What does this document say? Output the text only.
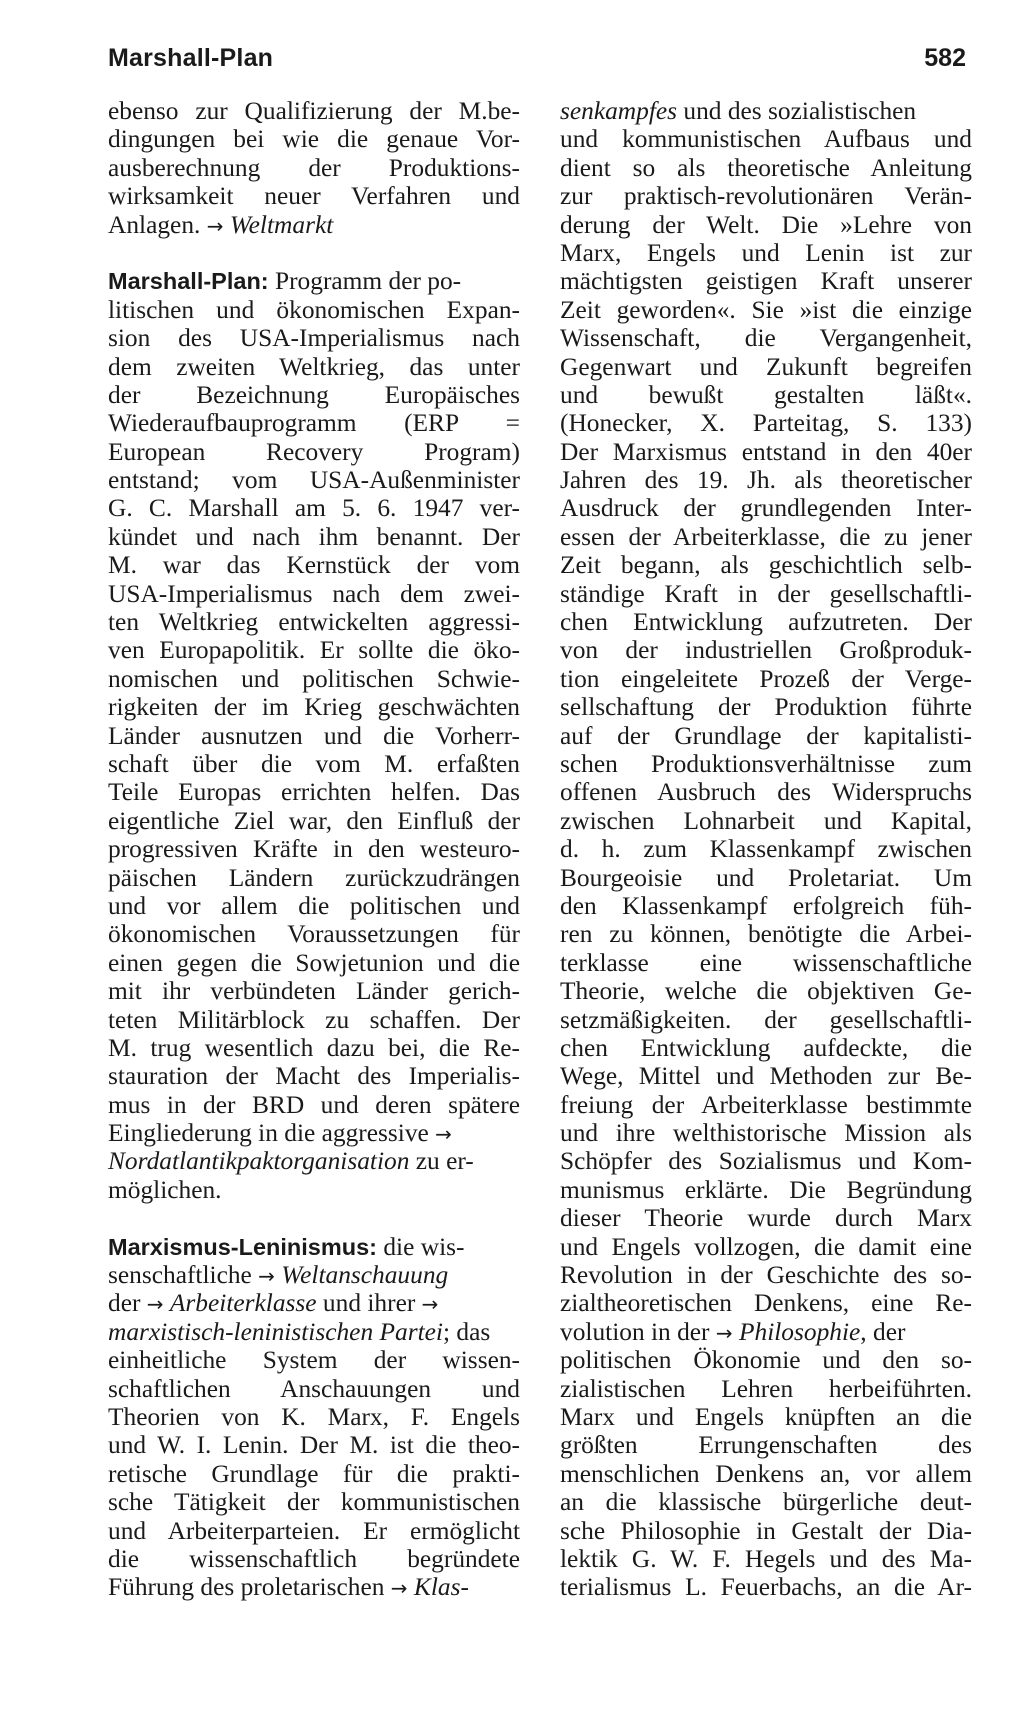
Marshall-Plan	582
ebenso zur Qualifizierung der M.be-
dingungen bei wie die genaue Vor-
ausberechnung der Produktions-
wirksamkeit neuer Verfahren und
Anlagen. → Weltmarkt
Marshall-Plan: Programm der po-
litischen und ökonomischen Expan-
sion des USA-Imperialismus nach
dem zweiten Weltkrieg, das unter
der Bezeichnung Europäisches
Wiederaufbauprogramm (ERP =
European Recovery Program)
entstand; vom USA-Außenminister
G. C. Marshall am 5. 6. 1947 ver-
kündet und nach ihm benannt. Der
M. war das Kernstück der vom
USA-Imperialismus nach dem zwei-
ten Weltkrieg entwickelten aggressi-
ven Europapolitik. Er sollte die öko-
nomischen und politischen Schwie-
rigkeiten der im Krieg geschwächten
Länder ausnutzen und die Vorherr-
schaft über die vom M. erfaßten
Teile Europas errichten helfen. Das
eigentliche Ziel war, den Einfluß der
progressiven Kräfte in den westeuro-
päischen Ländern zurückzudrängen
und vor allem die politischen und
ökonomischen Voraussetzungen für
einen gegen die Sowjetunion und die
mit ihr verbündeten Länder gerich-
teten Militärblock zu schaffen. Der
M. trug wesentlich dazu bei, die Re-
stauration der Macht des Imperialis-
mus in der BRD und deren spätere
Eingliederung in die aggressive →
Nordatlantikpaktorganisation zu er-
möglichen.
Marxismus-Leninismus: die wis-
senschaftliche → Weltanschauung
der → Arbeiterklasse und ihrer →
marxistisch-leninistischen Partei; das
einheitliche System der wissen-
schaftlichen Anschauungen und
Theorien von K. Marx, F. Engels
und W. I. Lenin. Der M. ist die theo-
retische Grundlage für die prakti-
sche Tätigkeit der kommunistischen
und Arbeiterparteien. Er ermöglicht
die wissenschaftlich begründete
Führung des proletarischen → Klas-
senkampfes und des sozialistischen
und kommunistischen Aufbaus und
dient so als theoretische Anleitung
zur praktisch-revolutionären Verän-
derung der Welt. Die »Lehre von
Marx, Engels und Lenin ist zur
mächtigsten geistigen Kraft unserer
Zeit geworden«. Sie »ist die einzige
Wissenschaft, die Vergangenheit,
Gegenwart und Zukunft begreifen
und bewußt gestalten läßt«.
(Honecker, X. Parteitag, S. 133)
Der Marxismus entstand in den 40er
Jahren des 19. Jh. als theoretischer
Ausdruck der grundlegenden Inter-
essen der Arbeiterklasse, die zu jener
Zeit begann, als geschichtlich selb-
ständige Kraft in der gesellschaftli-
chen Entwicklung aufzutreten. Der
von der industriellen Großproduk-
tion eingeleitete Prozeß der Verge-
sellschaftung der Produktion führte
auf der Grundlage der kapitalisti-
schen Produktionsverhältnisse zum
offenen Ausbruch des Widerspruchs
zwischen Lohnarbeit und Kapital,
d. h. zum Klassenkampf zwischen
Bourgeoisie und Proletariat. Um
den Klassenkampf erfolgreich füh-
ren zu können, benötigte die Arbei-
terklasse eine wissenschaftliche
Theorie, welche die objektiven Ge-
setzmäßigkeiten. der gesellschaftli-
chen Entwicklung aufdeckte, die
Wege, Mittel und Methoden zur Be-
freiung der Arbeiterklasse bestimmte
und ihre welthistorische Mission als
Schöpfer des Sozialismus und Kom-
munismus erklärte. Die Begründung
dieser Theorie wurde durch Marx
und Engels vollzogen, die damit eine
Revolution in der Geschichte des so-
zialtheoretischen Denkens, eine Re-
volution in der → Philosophie, der
politischen Ökonomie und den so-
zialistischen Lehren herbeiführten.
Marx und Engels knüpften an die
größten Errungenschaften des
menschlichen Denkens an, vor allem
an die klassische bürgerliche deut-
sche Philosophie in Gestalt der Dia-
lektik G. W. F. Hegels und des Ma-
terialismus L. Feuerbachs, an die Ar-
